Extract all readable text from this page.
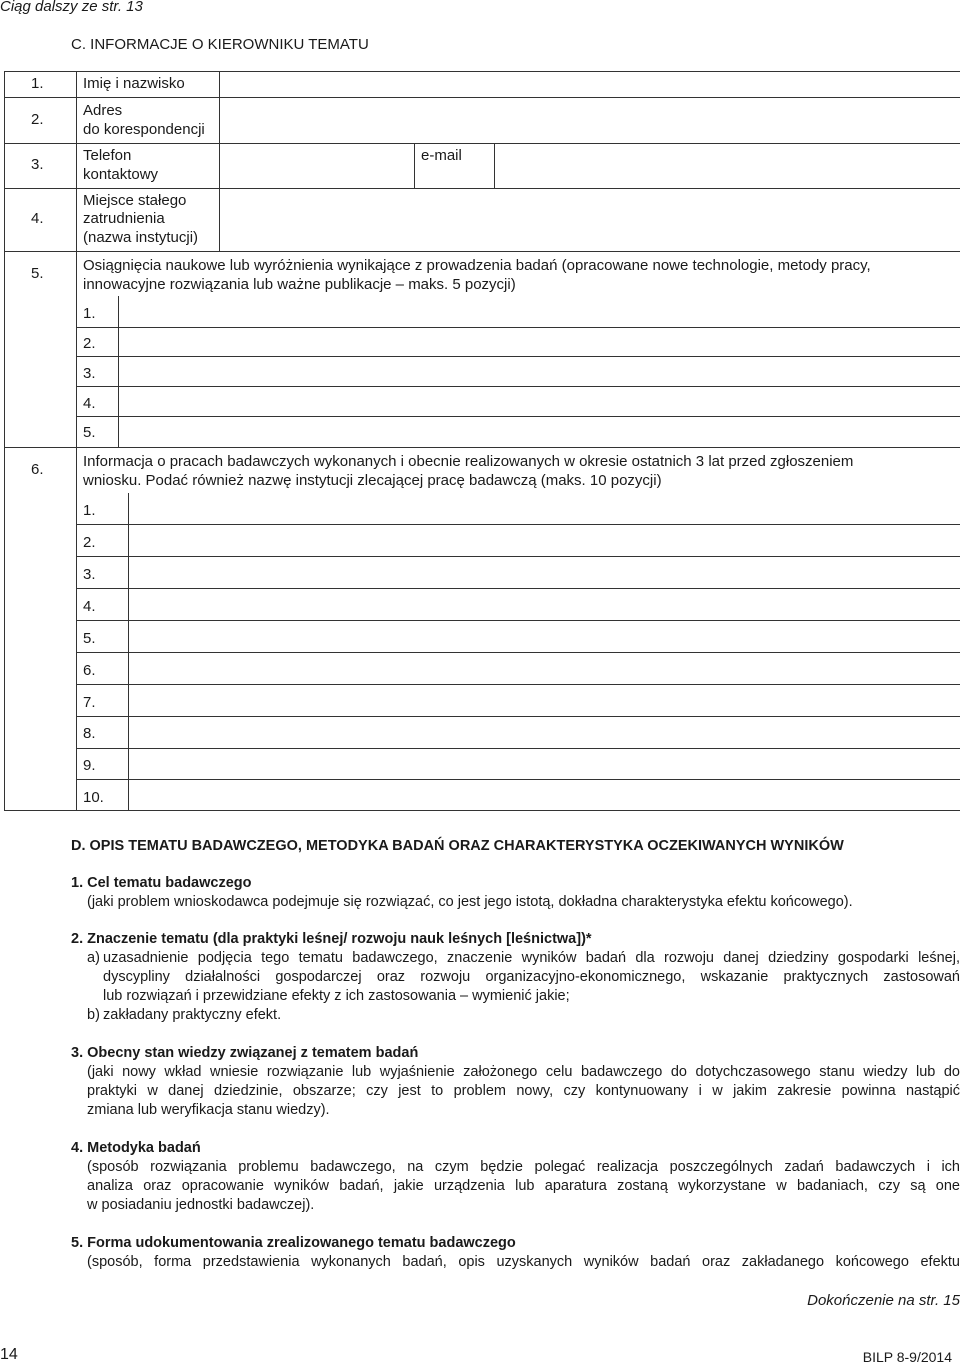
Ciąg dalszy ze str. 13
C. INFORMACJE O KIEROWNIKU TEMATU
1.
2.
3.
4.
5.
6.
Imię i nazwisko
Adres
do korespondencji
Telefon
kontaktowy
e-mail
Miejsce stałego
zatrudnienia
(nazwa instytucji)
Osiągnięcia naukowe lub wyróżnienia wynikające z prowadzenia badań (opracowane nowe technologie, metody pracy,
innowacyjne rozwiązania lub ważne publikacje – maks. 5 pozycji)
1.
2.
3.
4.
5.
Informacja o pracach badawczych wykonanych i obecnie realizowanych w okresie ostatnich 3 lat przed zgłoszeniem
wniosku. Podać również nazwę instytucji zlecającej pracę badawczą (maks. 10 pozycji)
1.
2.
3.
4.
5.
6.
7.
8.
9.
10.
D. OPIS TEMATU BADAWCZEGO, METODYKA BADAŃ ORAZ CHARAKTERYSTYKA OCZEKIWANYCH WYNIKÓW
1. Cel tematu badawczego
(jaki problem wnioskodawca podejmuje się rozwiązać, co jest jego istotą, dokładna charakterystyka efektu końcowego).
2. Znaczenie tematu (dla praktyki leśnej/ rozwoju nauk leśnych [leśnictwa])*
a) uzasadnienie podjęcia tego tematu badawczego, znaczenie wyników badań dla rozwoju danej dziedziny gospodarki leśnej,
dyscypliny działalności gospodarczej oraz rozwoju organizacyjno-ekonomicznego, wskazanie praktycznych zastosowań
lub rozwiązań i przewidziane efekty z ich zastosowania – wymienić jakie;
b) zakładany praktyczny efekt.
3. Obecny stan wiedzy związanej z tematem badań
(jaki nowy wkład wniesie rozwiązanie lub wyjaśnienie założonego celu badawczego do dotychczasowego stanu wiedzy lub do
praktyki w danej dziedzinie, obszarze; czy jest to problem nowy, czy kontynuowany i w jakim zakresie powinna nastąpić
zmiana lub weryfikacja stanu wiedzy).
4. Metodyka badań
(sposób rozwiązania problemu badawczego, na czym będzie polegać realizacja poszczególnych zadań badawczych i ich
analiza oraz opracowanie wyników badań, jakie urządzenia lub aparatura zostaną wykorzystane w badaniach, czy są one
w posiadaniu jednostki badawczej).
5. Forma udokumentowania zrealizowanego tematu badawczego
(sposób, forma przedstawienia wykonanych badań, opis uzyskanych wyników badań oraz zakładanego końcowego efektu
Dokończenie na str. 15
14	BILP 8-9/2014
